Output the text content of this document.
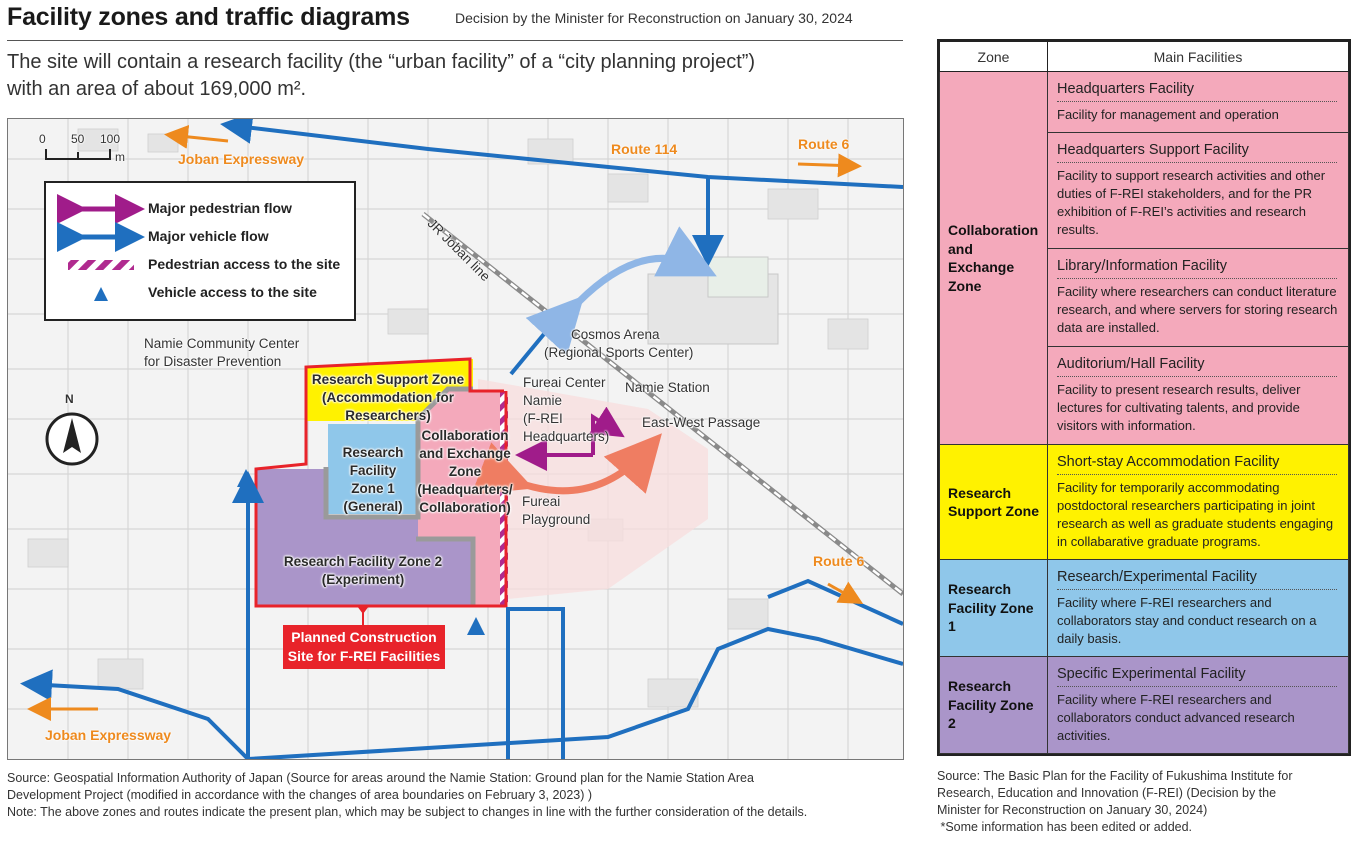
Facility zones and traffic diagrams	Decision by the Minister for Reconstruction on January 30, 2024
The site will contain a research facility (the “urban facility” of a “city planning project”)
with an area of about 169,000 m².
0 50 100
m
Major pedestrian flow
Major vehicle flow
Pedestrian access to the site
Vehicle access to the site
Joban Expressway
Route 114	Route 6
Route 6
Joban Expressway
JR Joban line
Namie Community Center
for Disaster Prevention
Cosmos Arena
(Regional Sports Center)
Fureai Center
Namie
(F-REI
Headquarters)
Namie Station
East-West Passage
Fureai
Playground
Research Support Zone
(Accommodation for Researchers)
Collaboration
and Exchange
Zone
(Headquarters/
Collaboration)
Research
Facility
Zone 1
(General)
Research Facility Zone 2
(Experiment)
N
Planned Construction
Site for F-REI Facilities
Zone	Main Facilities
Collaboration and Exchange Zone	Headquarters Facility
Facility for management and operation

	Headquarters Support Facility
Facility to support research activities and other duties of F-REI stakeholders, and for the PR exhibition of F-REI’s activities and research results.

	Library/Information Facility
Facility where researchers can conduct literature research, and where servers for storing research data are installed.

	Auditorium/Hall Facility
Facility to present research results, deliver lectures for cultivating talents, and provide visitors with information.

Research Support Zone	Short-stay Accommodation Facility
Facility for temporarily accommodating postdoctoral researchers participating in joint research as well as graduate students engaging in collabarative graduate programs.

Research Facility Zone 1	Research/Experimental Facility
Facility where F-REI researchers and collaborators stay and conduct research on a daily basis.

Research Facility Zone 2	Specific Experimental Facility
Facility where F-REI researchers and collaborators conduct advanced research activities.
Source: Geospatial Information Authority of Japan (Source for areas around the Namie Station: Ground plan for the Namie Station Area
Development Project (modified in accordance with the changes of area boundaries on February 3, 2023) )
Note: The above zones and routes indicate the present plan, which may be subject to changes in line with the further consideration of the details.
Source: The Basic Plan for the Facility of Fukushima Institute for
Research, Education and Innovation (F-REI) (Decision by the
Minister for Reconstruction on January 30, 2024)
*Some information has been edited or added.
